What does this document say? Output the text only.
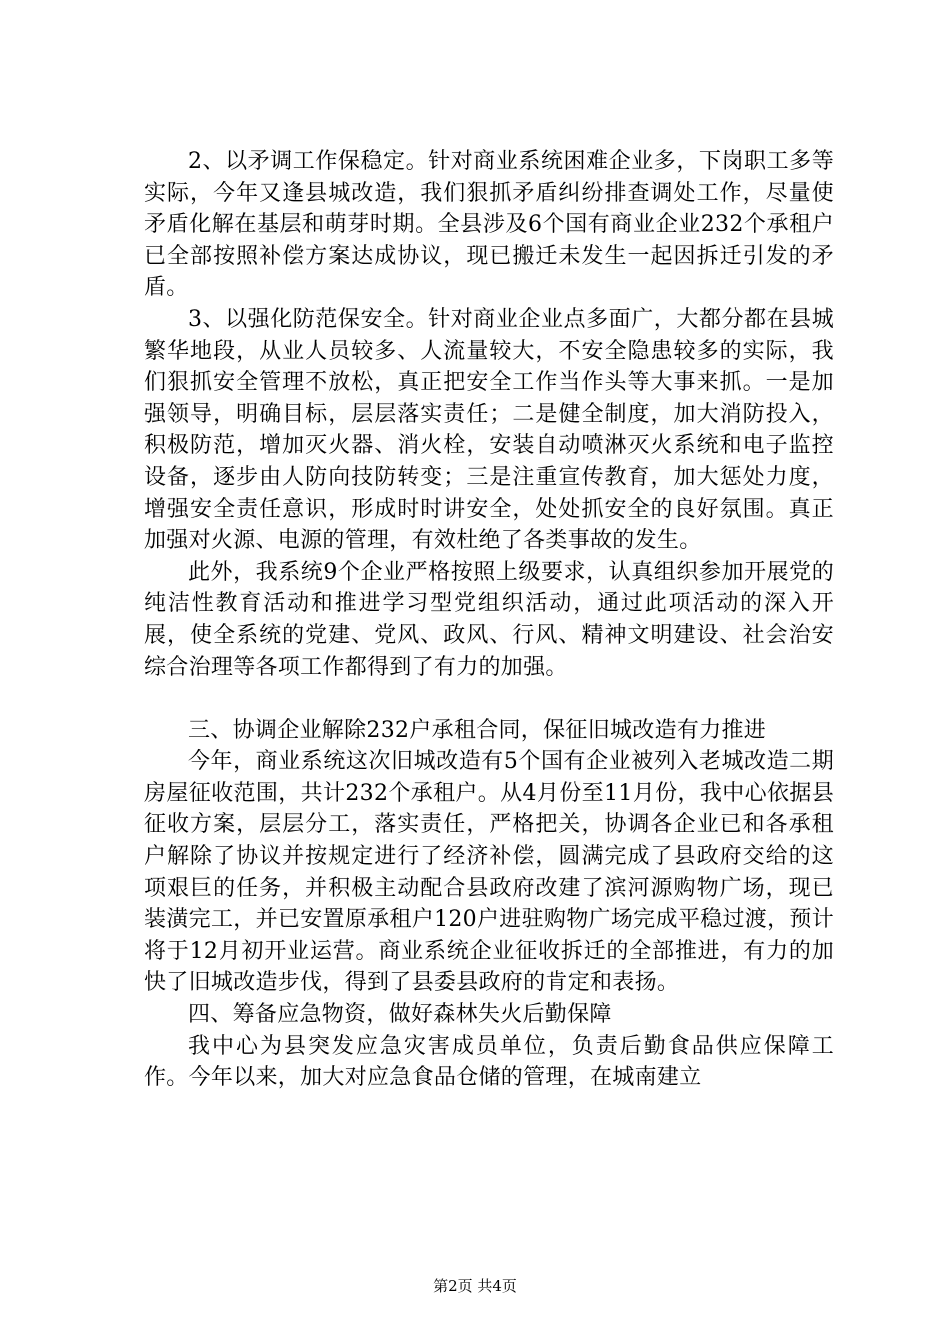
2、以矛调工作保稳定。针对商业系统困难企业多，下岗职工多等实际，今年又逢县城改造，我们狠抓矛盾纠纷排查调处工作，尽量使矛盾化解在基层和萌芽时期。全县涉及6个国有商业企业232个承租户已全部按照补偿方案达成协议，现已搬迁未发生一起因拆迁引发的矛盾。

3、以强化防范保安全。针对商业企业点多面广，大都分都在县城繁华地段，从业人员较多、人流量较大，不安全隐患较多的实际，我们狠抓安全管理不放松，真正把安全工作当作头等大事来抓。一是加强领导，明确目标，层层落实责任；二是健全制度，加大消防投入，积极防范，增加灭火器、消火栓，安装自动喷淋灭火系统和电子监控设备，逐步由人防向技防转变；三是注重宣传教育，加大惩处力度，增强安全责任意识，形成时时讲安全，处处抓安全的良好氛围。真正加强对火源、电源的管理，有效杜绝了各类事故的发生。

此外，我系统9个企业严格按照上级要求，认真组织参加开展党的纯洁性教育活动和推进学习型党组织活动，通过此项活动的深入开展，使全系统的党建、党风、政风、行风、精神文明建设、社会治安综合治理等各项工作都得到了有力的加强。

三、协调企业解除232户承租合同，保征旧城改造有力推进

今年，商业系统这次旧城改造有5个国有企业被列入老城改造二期房屋征收范围，共计232个承租户。从4月份至11月份，我中心依据县征收方案，层层分工，落实责任，严格把关，协调各企业已和各承租户解除了协议并按规定进行了经济补偿，圆满完成了县政府交给的这项艰巨的任务，并积极主动配合县政府改建了滨河源购物广场，现已装潢完工，并已安置原承租户120户进驻购物广场完成平稳过渡，预计将于12月初开业运营。商业系统企业征收拆迁的全部推进，有力的加快了旧城改造步伐，得到了县委县政府的肯定和表扬。

四、筹备应急物资，做好森林失火后勤保障

我中心为县突发应急灾害成员单位，负责后勤食品供应保障工作。今年以来，加大对应急食品仓储的管理，在城南建立

第2页 共4页
